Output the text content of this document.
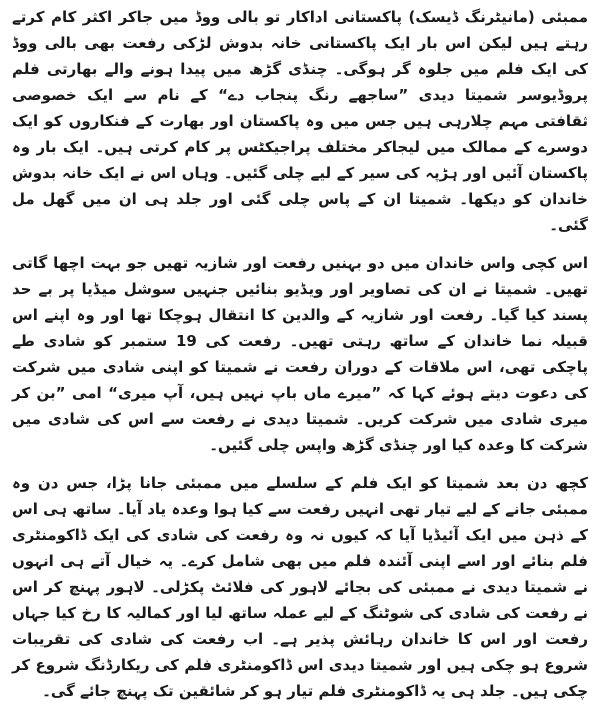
ممبئی (مانیٹرنگ ڈیسک) پاکستانی اداکار تو بالی ووڈ میں جاکر اکثر کام کرتے رہتے ہیں لیکن اس بار ایک پاکستانی خانہ بدوش لڑکی رفعت بھی بالی ووڈ کی ایک فلم میں جلوہ گر ہوگی۔ چنڈی گڑھ میں پیدا ہونے والے بھارتی فلم پروڈیوسر شمیتا دیدی ”ساجھے رنگ پنجاب دے“ کے نام سے ایک خصوصی ثقافتی مہم چلارہی ہیں جس میں وہ پاکستان اور بھارت کے فنکاروں کو ایک دوسرے کے ممالک میں لیجاکر مختلف پراجیکٹس پر کام کرتی ہیں۔ ایک بار وہ پاکستان آئیں اور ہڑپہ کی سیر کے لیے چلی گئیں۔ وہاں اس نے ایک خانہ بدوش خاندان کو دیکھا۔ شمیتا ان کے پاس چلی گئی اور جلد ہی ان میں گھل مل گئی۔

اس کچی واس خاندان میں دو بہنیں رفعت اور شازیہ تھیں جو بہت اچھا گاتی تھیں۔ شمیتا نے ان کی تصاویر اور ویڈیو بنائیں جنہیں سوشل میڈیا پر بے حد پسند کیا گیا۔ رفعت اور شازیہ کے والدین کا انتقال ہوچکا تھا اور وہ اپنے اس قبیلہ نما خاندان کے ساتھ رہتی تھیں۔ رفعت کی 19 ستمبر کو شادی طے پاچکی تھی، اس ملاقات کے دوران رفعت نے شمیتا کو اپنی شادی میں شرکت کی دعوت دیتے ہوئے کہا کہ ”میرے ماں باپ نہیں ہیں، آپ میری“ امی ”بن کر میری شادی میں شرکت کریں۔ شمیتا دیدی نے رفعت سے اس کی شادی میں شرکت کا وعدہ کیا اور چنڈی گڑھ واپس چلی گئیں۔

کچھ دن بعد شمیتا کو ایک فلم کے سلسلے میں ممبئی جانا پڑا، جس دن وہ ممبئی جانے کے لیے تیار تھی انہیں رفعت سے کیا ہوا وعدہ یاد آیا۔ ساتھ ہی اس کے ذہن میں ایک آئیڈیا آیا کہ کیوں نہ وہ رفعت کی شادی کی ایک ڈاکومنٹری فلم بنائے اور اسے اپنی آئندہ فلم میں بھی شامل کرے۔ یہ خیال آتے ہی انہوں نے شمیتا دیدی نے ممبئی کی بجائے لاہور کی فلائٹ پکڑلی۔ لاہور پہنچ کر اس نے رفعت کی شادی کی شوٹنگ کے لیے عملہ ساتھ لیا اور کمالیہ کا رخ کیا جہاں رفعت اور اس کا خاندان رہائش پذیر ہے۔ اب رفعت کی شادی کی تقریبات شروع ہو چکی ہیں اور شمیتا دیدی اس ڈاکومنٹری فلم کی ریکارڈنگ شروع کر چکی ہیں۔ جلد ہی یہ ڈاکومنٹری فلم تیار ہو کر شائقین تک پہنچ جائے گی۔
